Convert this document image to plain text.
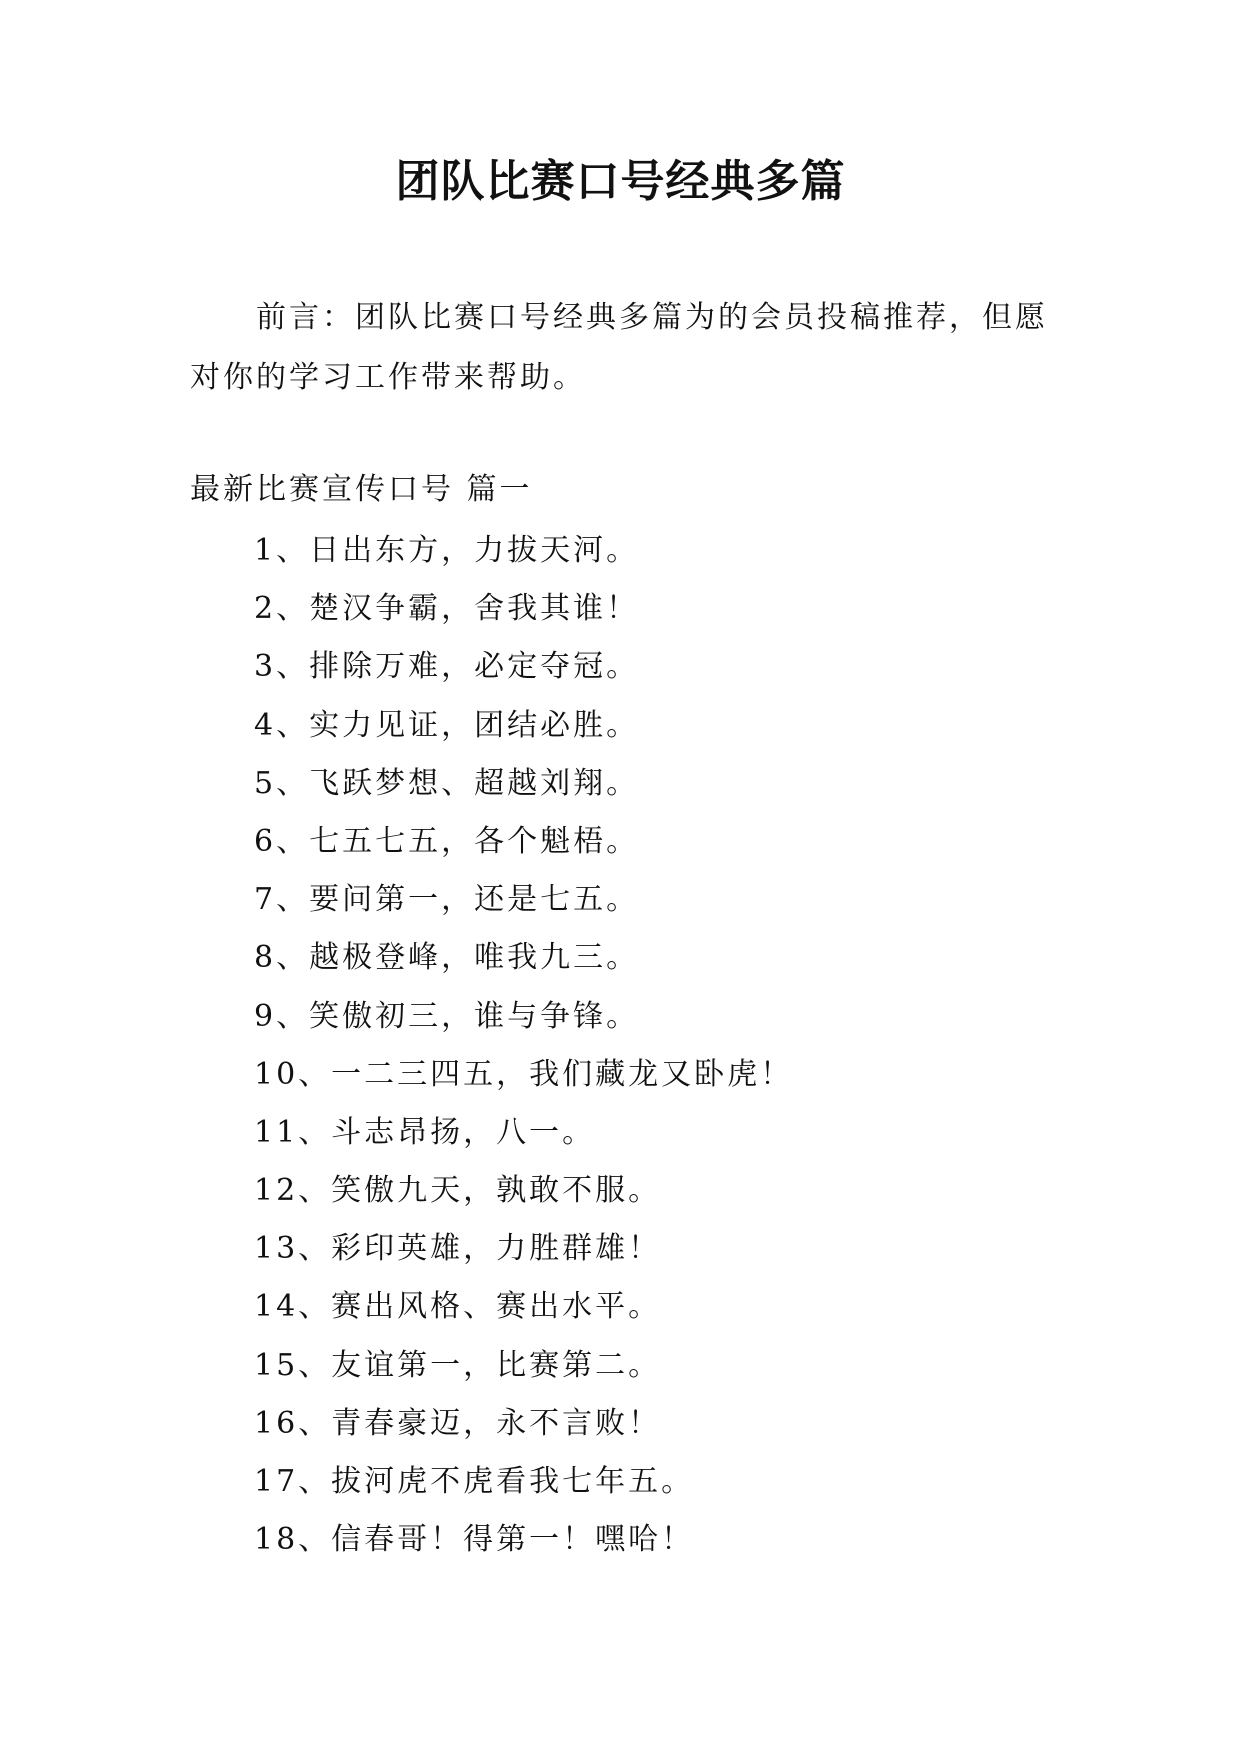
团队比赛口号经典多篇

前言：团队比赛口号经典多篇为的会员投稿推荐，但愿对你的学习工作带来帮助。

最新比赛宣传口号 篇一
1、日出东方，力拔天河。
2、楚汉争霸，舍我其谁！
3、排除万难，必定夺冠。
4、实力见证，团结必胜。
5、飞跃梦想、超越刘翔。
6、七五七五，各个魁梧。
7、要问第一，还是七五。
8、越极登峰，唯我九三。
9、笑傲初三，谁与争锋。
10、一二三四五，我们藏龙又卧虎！
11、斗志昂扬，八一。
12、笑傲九天，孰敢不服。
13、彩印英雄，力胜群雄！
14、赛出风格、赛出水平。
15、友谊第一，比赛第二。
16、青春豪迈，永不言败！
17、拔河虎不虎看我七年五。
18、信春哥！得第一！嘿哈！
